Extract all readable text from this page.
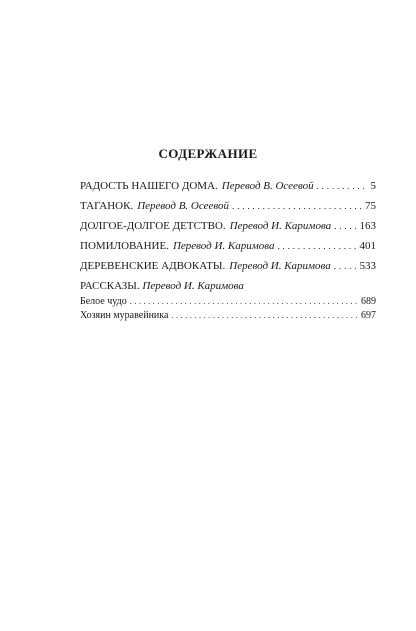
СОДЕРЖАНИЕ
РАДОСТЬ НАШЕГО ДОМА. Перевод В. Осеевой . . .	5
ТАГАНОК. Перевод В. Осеевой . . .	75
ДОЛГОЕ-ДОЛГОЕ ДЕТСТВО. Перевод И. Каримова . . .	163
ПОМИЛОВАНИЕ. Перевод И. Каримова . . .	401
ДЕРЕВЕНСКИЕ АДВОКАТЫ. Перевод И. Каримова . . .	533
РАССКАЗЫ. Перевод И. Каримова
Белое чудо . . .	689
Хозяин муравейника . . .	697
